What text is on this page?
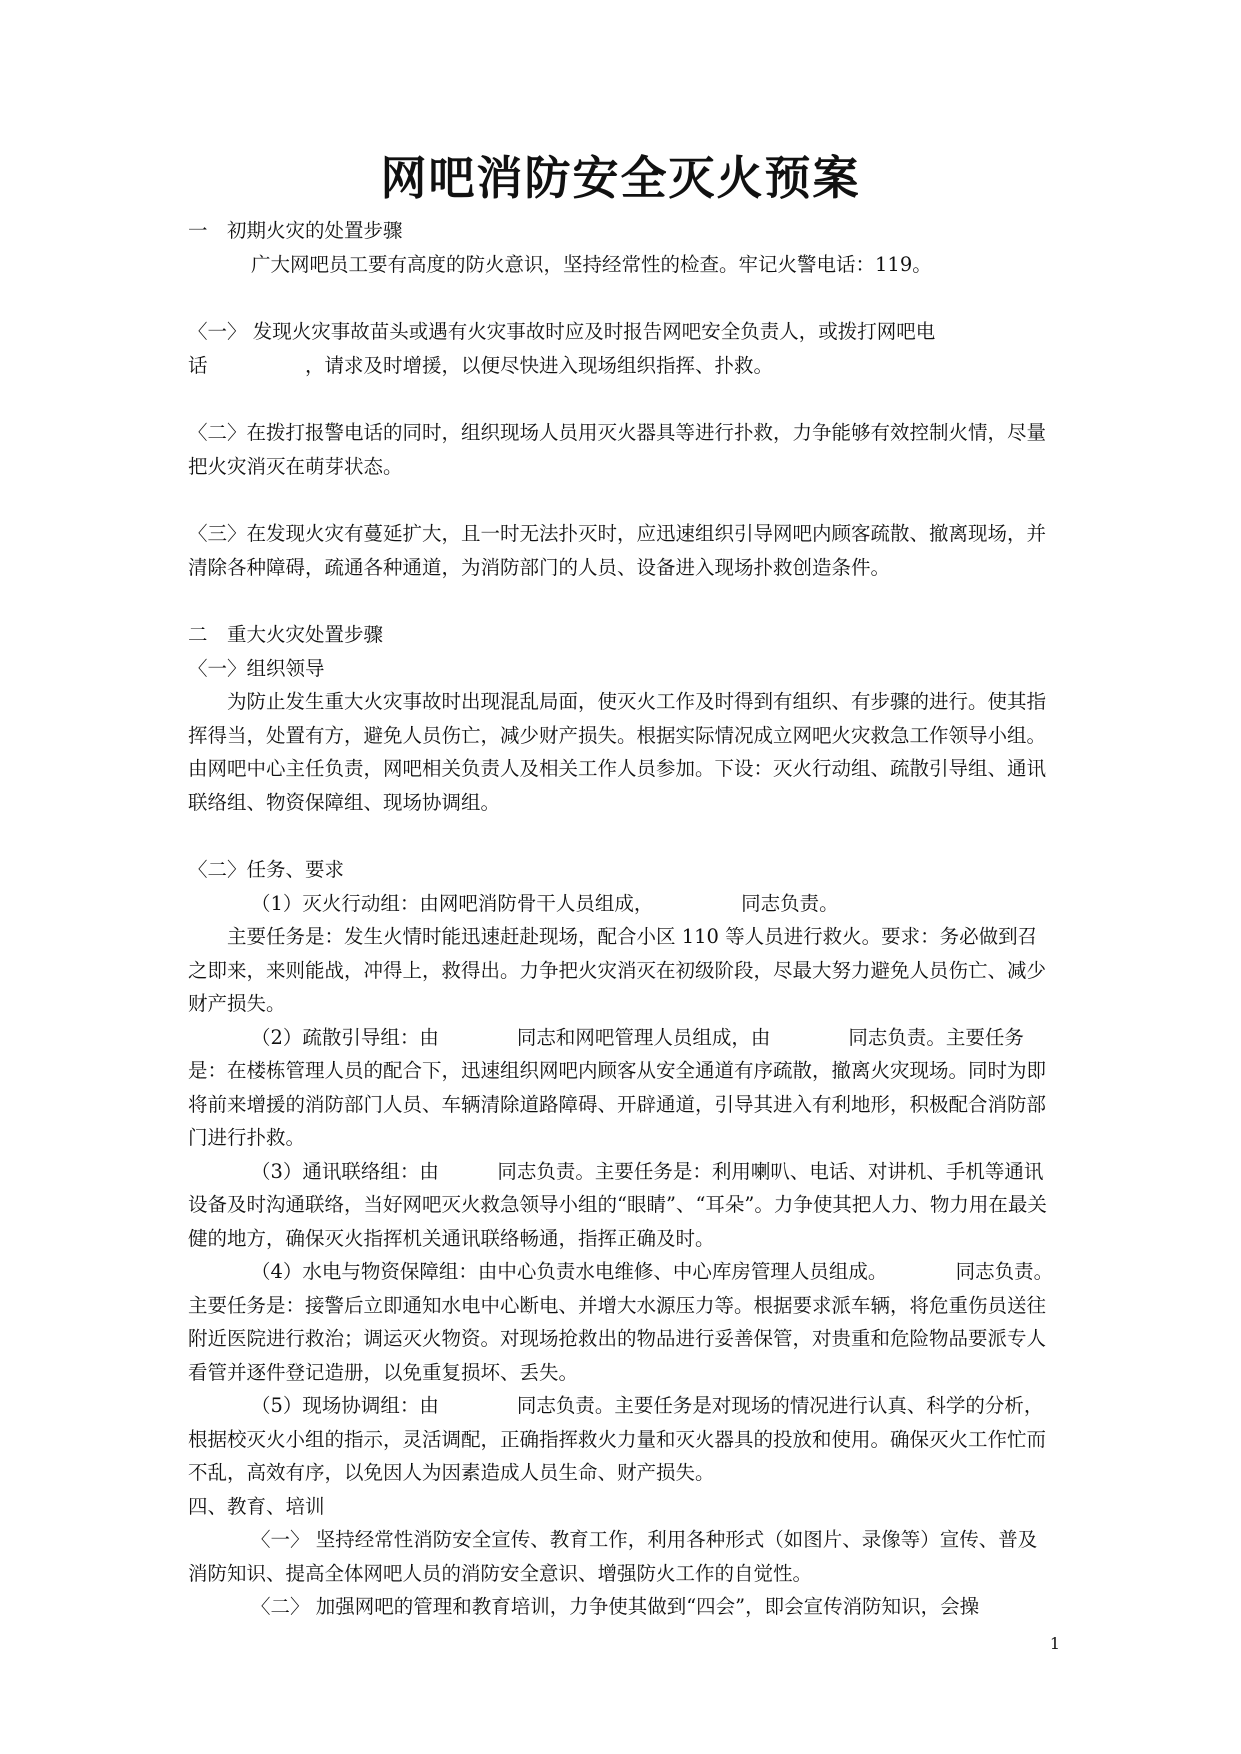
网吧消防安全灭火预案

一　初期火灾的处置步骤

广大网吧员工要有高度的防火意识，坚持经常性的检查。牢记火警电话：119。

〈一〉 发现火灾事故苗头或遇有火灾事故时应及时报告网吧安全负责人，或拨打网吧电话　　　　　，请求及时增援，以便尽快进入现场组织指挥、扑救。

〈二〉在拨打报警电话的同时，组织现场人员用灭火器具等进行扑救，力争能够有效控制火情，尽量把火灾消灭在萌芽状态。

〈三〉在发现火灾有蔓延扩大，且一时无法扑灭时，应迅速组织引导网吧内顾客疏散、撤离现场，并清除各种障碍，疏通各种通道，为消防部门的人员、设备进入现场扑救创造条件。

二　重大火灾处置步骤

〈一〉组织领导

为防止发生重大火灾事故时出现混乱局面，使灭火工作及时得到有组织、有步骤的进行。使其指挥得当，处置有方，避免人员伤亡，减少财产损失。根据实际情况成立网吧火灾救急工作领导小组。由网吧中心主任负责，网吧相关负责人及相关工作人员参加。下设：灭火行动组、疏散引导组、通讯联络组、物资保障组、现场协调组。

〈二〉任务、要求

（1）灭火行动组：由网吧消防骨干人员组成，　　　　　同志负责。

主要任务是：发生火情时能迅速赶赴现场，配合小区 110 等人员进行救火。要求：务必做到召之即来，来则能战，冲得上，救得出。力争把火灾消灭在初级阶段，尽最大努力避免人员伤亡、减少财产损失。

（2）疏散引导组：由　　　　同志和网吧管理人员组成，由　　　　同志负责。主要任务是：在楼栋管理人员的配合下，迅速组织网吧内顾客从安全通道有序疏散，撤离火灾现场。同时为即将前来增援的消防部门人员、车辆清除道路障碍、开辟通道，引导其进入有利地形，积极配合消防部门进行扑救。

（3）通讯联络组：由　　　同志负责。主要任务是：利用喇叭、电话、对讲机、手机等通讯设备及时沟通联络，当好网吧灭火救急领导小组的“眼睛”、“耳朵”。力争使其把人力、物力用在最关健的地方，确保灭火指挥机关通讯联络畅通，指挥正确及时。

（4）水电与物资保障组：由中心负责水电维修、中心库房管理人员组成。　　　　同志负责。主要任务是：接警后立即通知水电中心断电、并增大水源压力等。根据要求派车辆，将危重伤员送往附近医院进行救治；调运灭火物资。对现场抢救出的物品进行妥善保管，对贵重和危险物品要派专人看管并逐件登记造册，以免重复损坏、丢失。

（5）现场协调组：由　　　　同志负责。主要任务是对现场的情况进行认真、科学的分析，根据校灭火小组的指示，灵活调配，正确指挥救火力量和灭火器具的投放和使用。确保灭火工作忙而不乱，高效有序，以免因人为因素造成人员生命、财产损失。

四、教育、培训

〈一〉 坚持经常性消防安全宣传、教育工作，利用各种形式（如图片、录像等）宣传、普及消防知识、提高全体网吧人员的消防安全意识、增强防火工作的自觉性。

〈二〉 加强网吧的管理和教育培训，力争使其做到“四会”，即会宣传消防知识，会操

1
